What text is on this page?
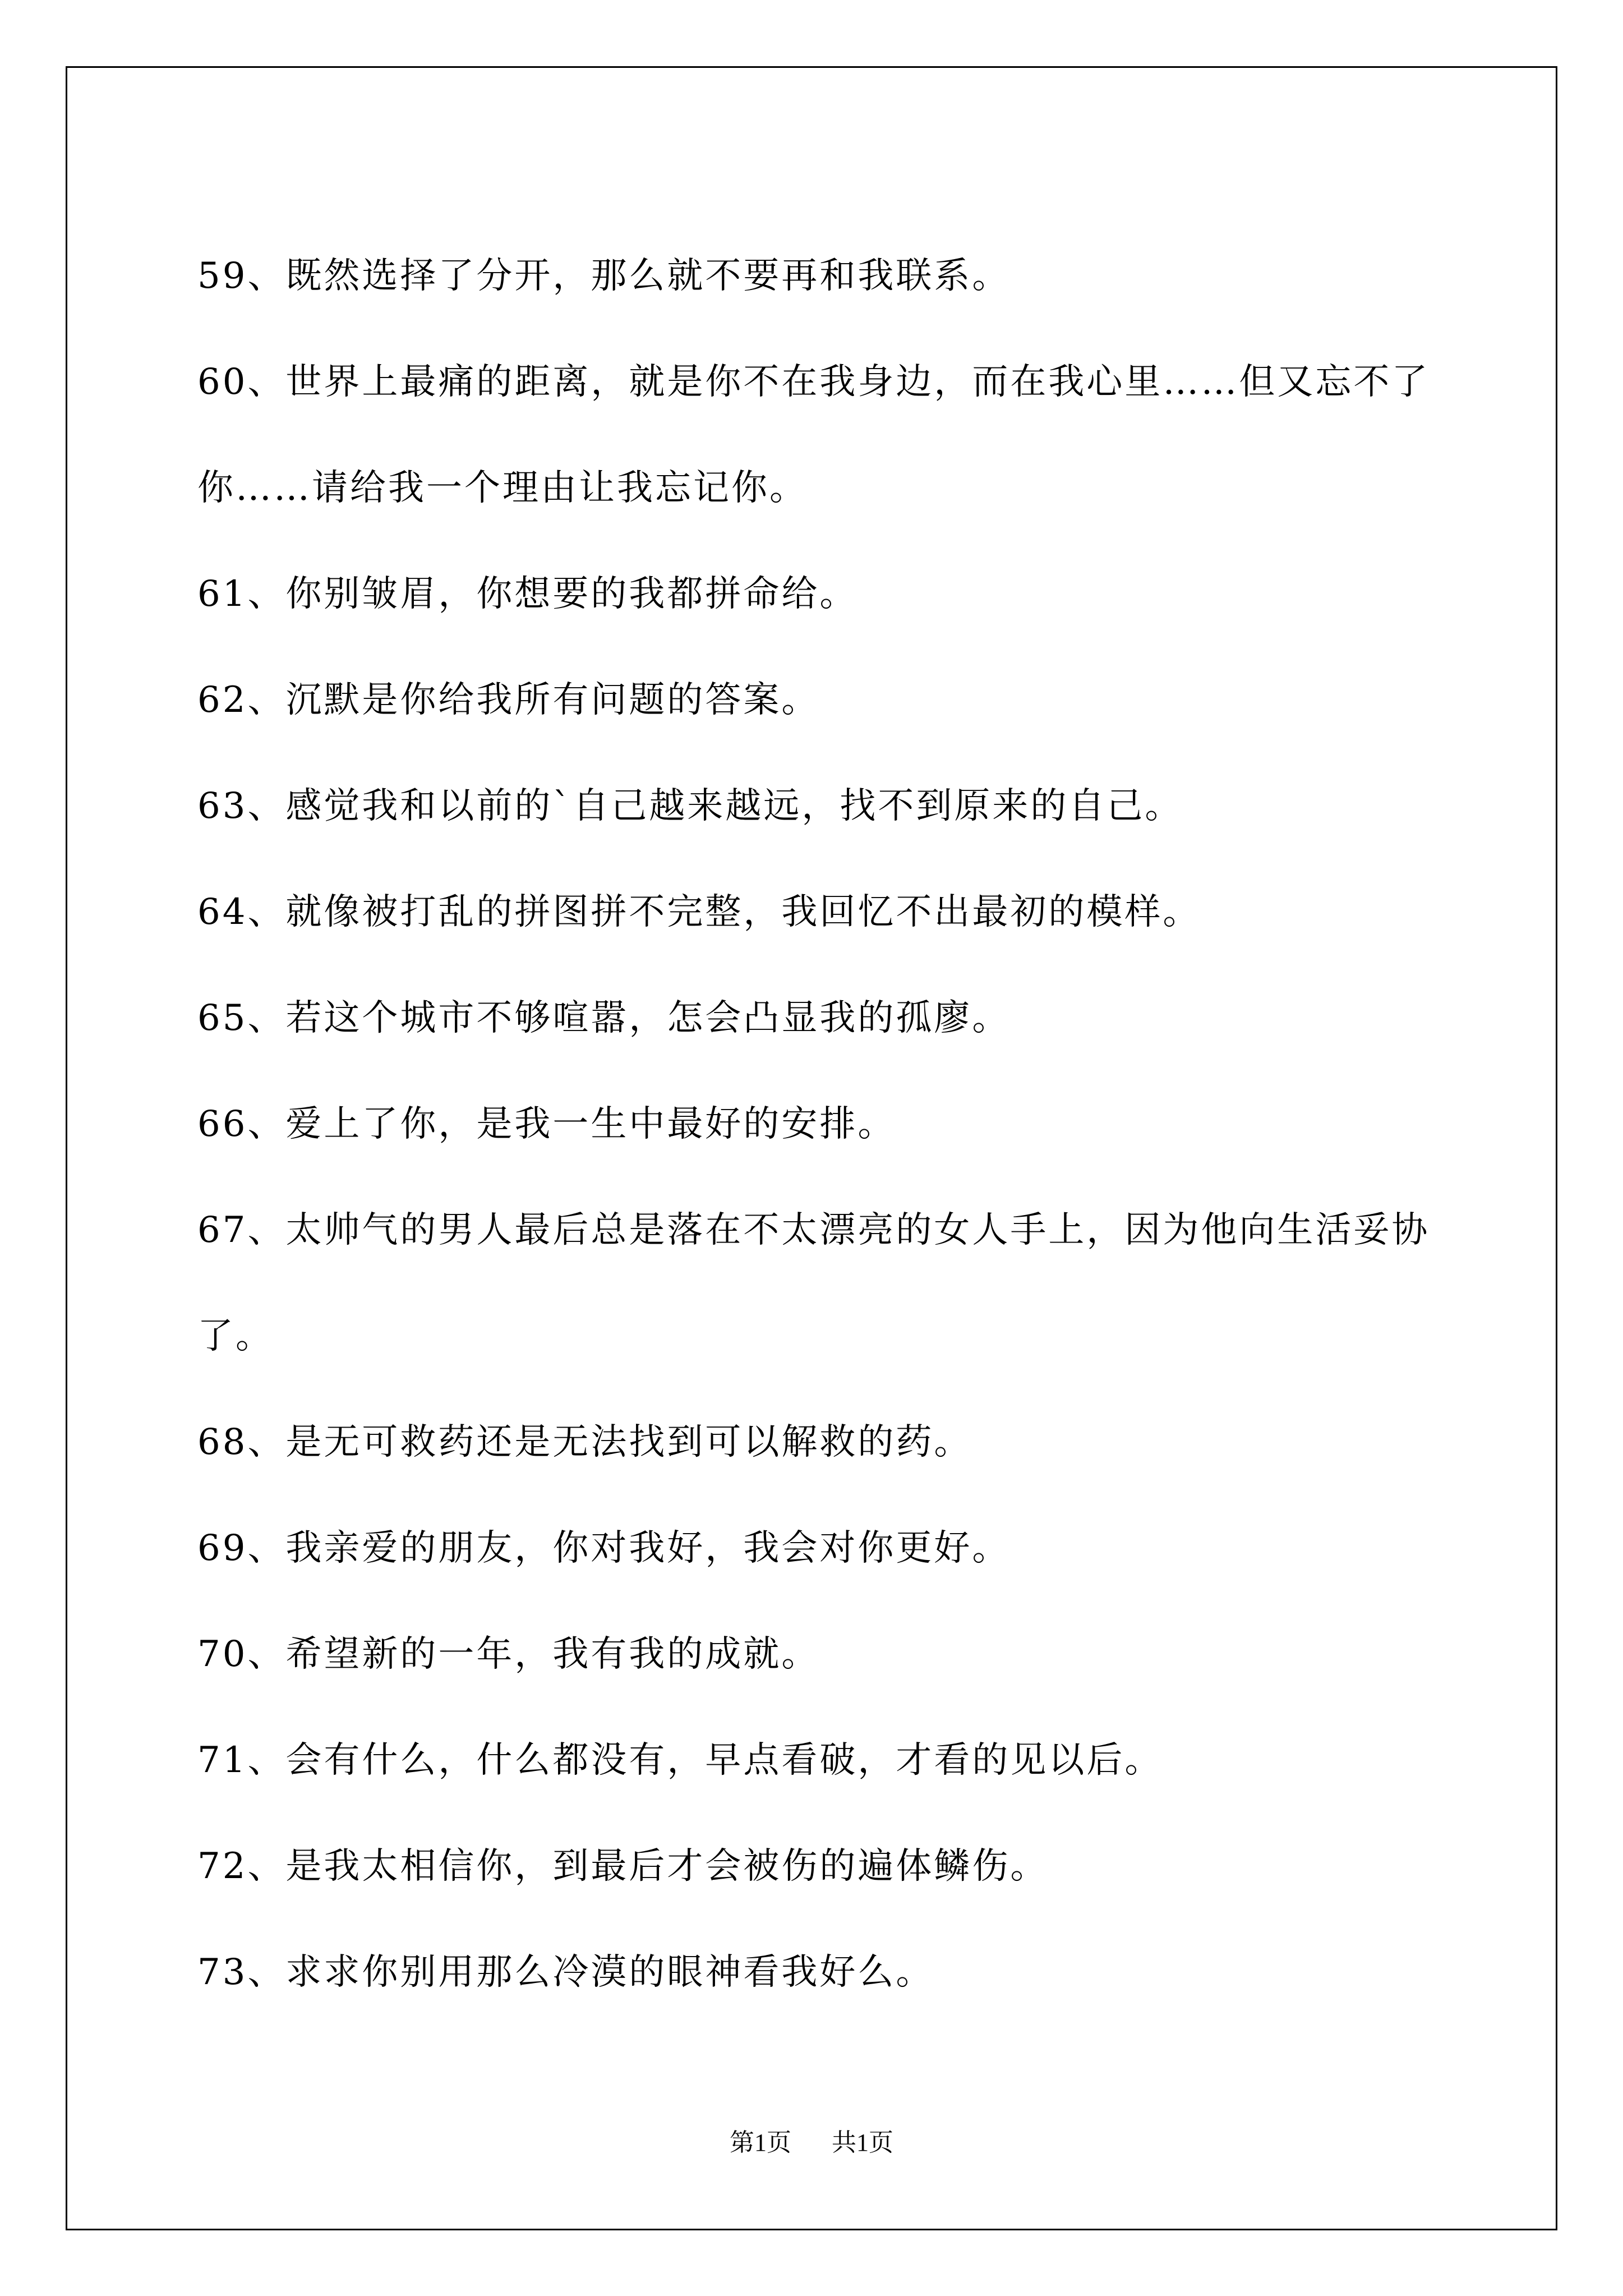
59、既然选择了分开，那么就不要再和我联系。

60、世界上最痛的距离，就是你不在我身边，而在我心里……但又忘不了你……请给我一个理由让我忘记你。

61、你别皱眉，你想要的我都拼命给。

62、沉默是你给我所有问题的答案。

63、感觉我和以前的`自己越来越远，找不到原来的自己。

64、就像被打乱的拼图拼不完整，我回忆不出最初的模样。

65、若这个城市不够喧嚣，怎会凸显我的孤廖。

66、爱上了你，是我一生中最好的安排。

67、太帅气的男人最后总是落在不太漂亮的女人手上，因为他向生活妥协了。

68、是无可救药还是无法找到可以解救的药。

69、我亲爱的朋友，你对我好，我会对你更好。

70、希望新的一年，我有我的成就。

71、会有什么，什么都没有，早点看破，才看的见以后。

72、是我太相信你，到最后才会被伤的遍体鳞伤。

73、求求你别用那么冷漠的眼神看我好么。

第1页 共1页
